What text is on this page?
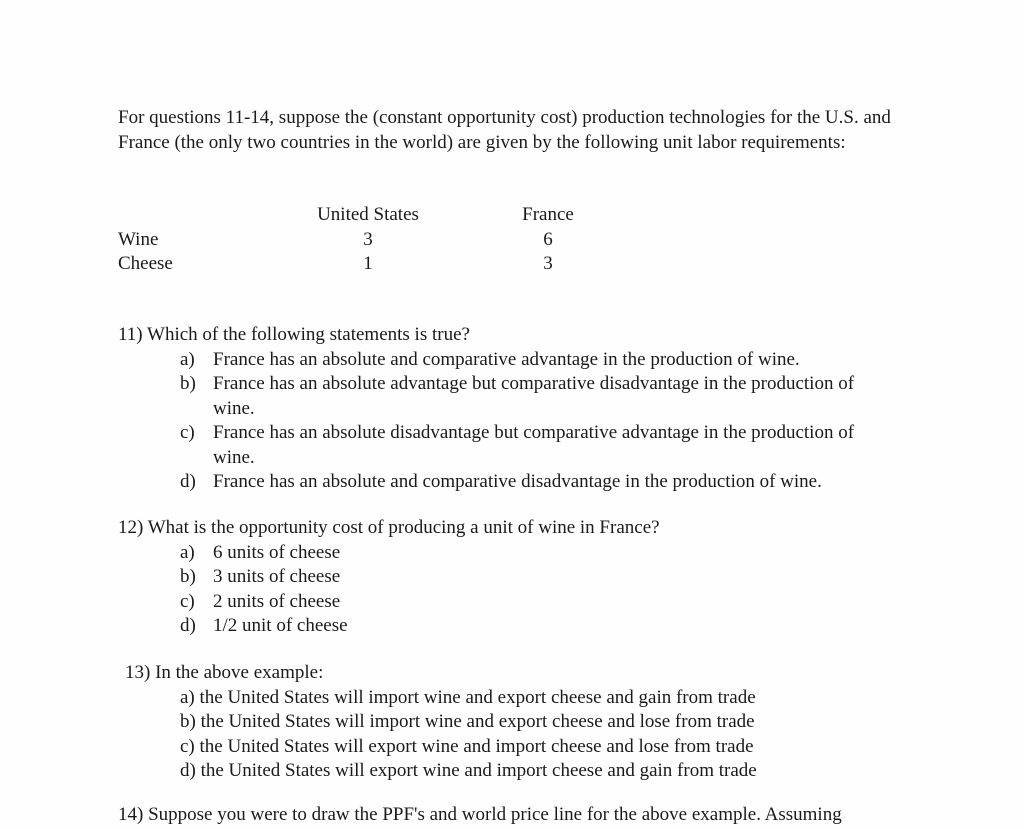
For questions 11-14, suppose the (constant opportunity cost) production technologies for the U.S. and France (the only two countries in the world) are given by the following unit labor requirements:
United States	France
Wine	3	6
Cheese	1	3
11) Which of the following statements is true?
a) France has an absolute and comparative advantage in the production of wine.
b) France has an absolute advantage but comparative disadvantage in the production of wine.
c) France has an absolute disadvantage but comparative advantage in the production of wine.
d) France has an absolute and comparative disadvantage in the production of wine.
12) What is the opportunity cost of producing a unit of wine in France?
a) 6 units of cheese
b) 3 units of cheese
c) 2 units of cheese
d) 1/2 unit of cheese
13) In the above example:
a) the United States will import wine and export cheese and gain from trade
b) the United States will import wine and export cheese and lose from trade
c) the United States will export wine and import cheese and lose from trade
d) the United States will export wine and import cheese and gain from trade
14) Suppose you were to draw the PPF's and world price line for the above example. Assuming
